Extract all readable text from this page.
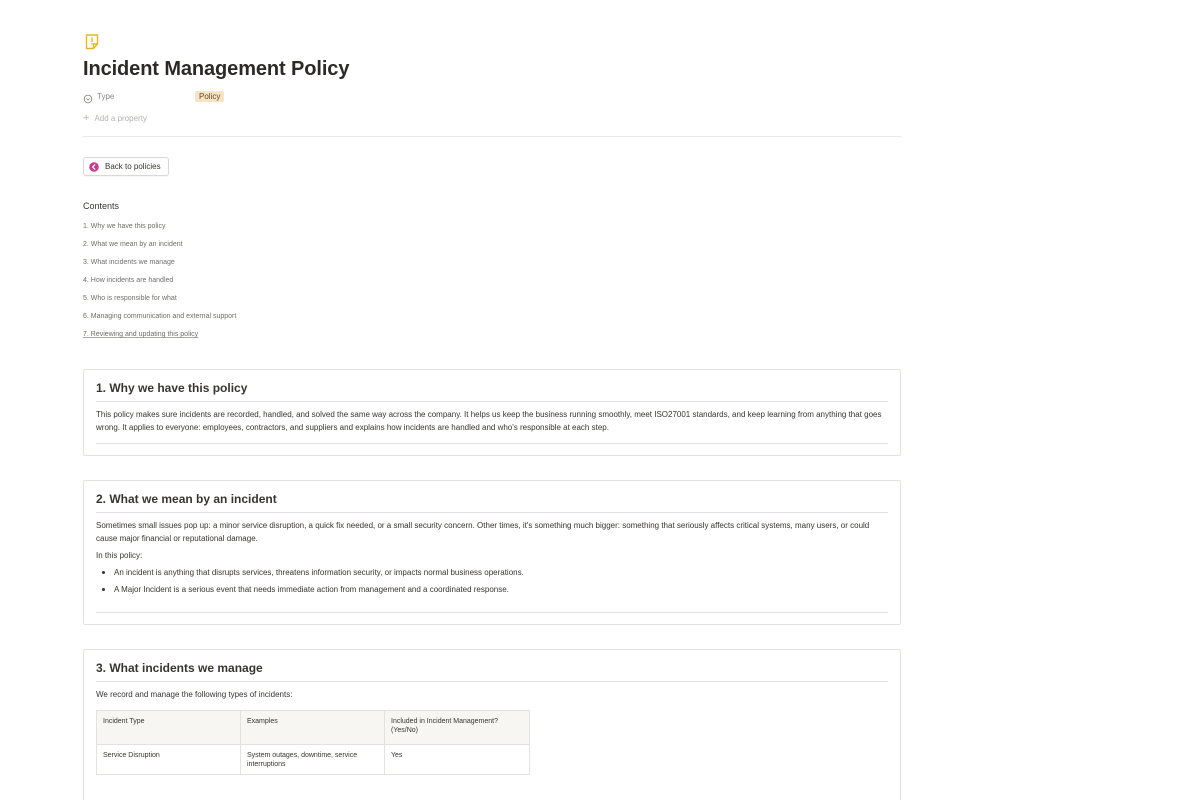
Incident Management Policy
Type	Policy
+ Add a property
Back to policies
Contents
1. Why we have this policy
2. What we mean by an incident
3. What incidents we manage
4. How incidents are handled
5. Who is responsible for what
6. Managing communication and external support
7. Reviewing and updating this policy
1. Why we have this policy
This policy makes sure incidents are recorded, handled, and solved the same way across the company. It helps us keep the business running smoothly, meet ISO27001 standards, and keep learning from anything that goes wrong. It applies to everyone: employees, contractors, and suppliers and explains how incidents are handled and who's responsible at each step.
2. What we mean by an incident
Sometimes small issues pop up: a minor service disruption, a quick fix needed, or a small security concern. Other times, it's something much bigger: something that seriously affects critical systems, many users, or could cause major financial or reputational damage.
In this policy:
An incident is anything that disrupts services, threatens information security, or impacts normal business operations.
A Major Incident is a serious event that needs immediate action from management and a coordinated response.
3. What incidents we manage
We record and manage the following types of incidents:
Incident Type	Examples	Included in Incident Management? (Yes/No)
Service Disruption	System outages, downtime, service interruptions	Yes
